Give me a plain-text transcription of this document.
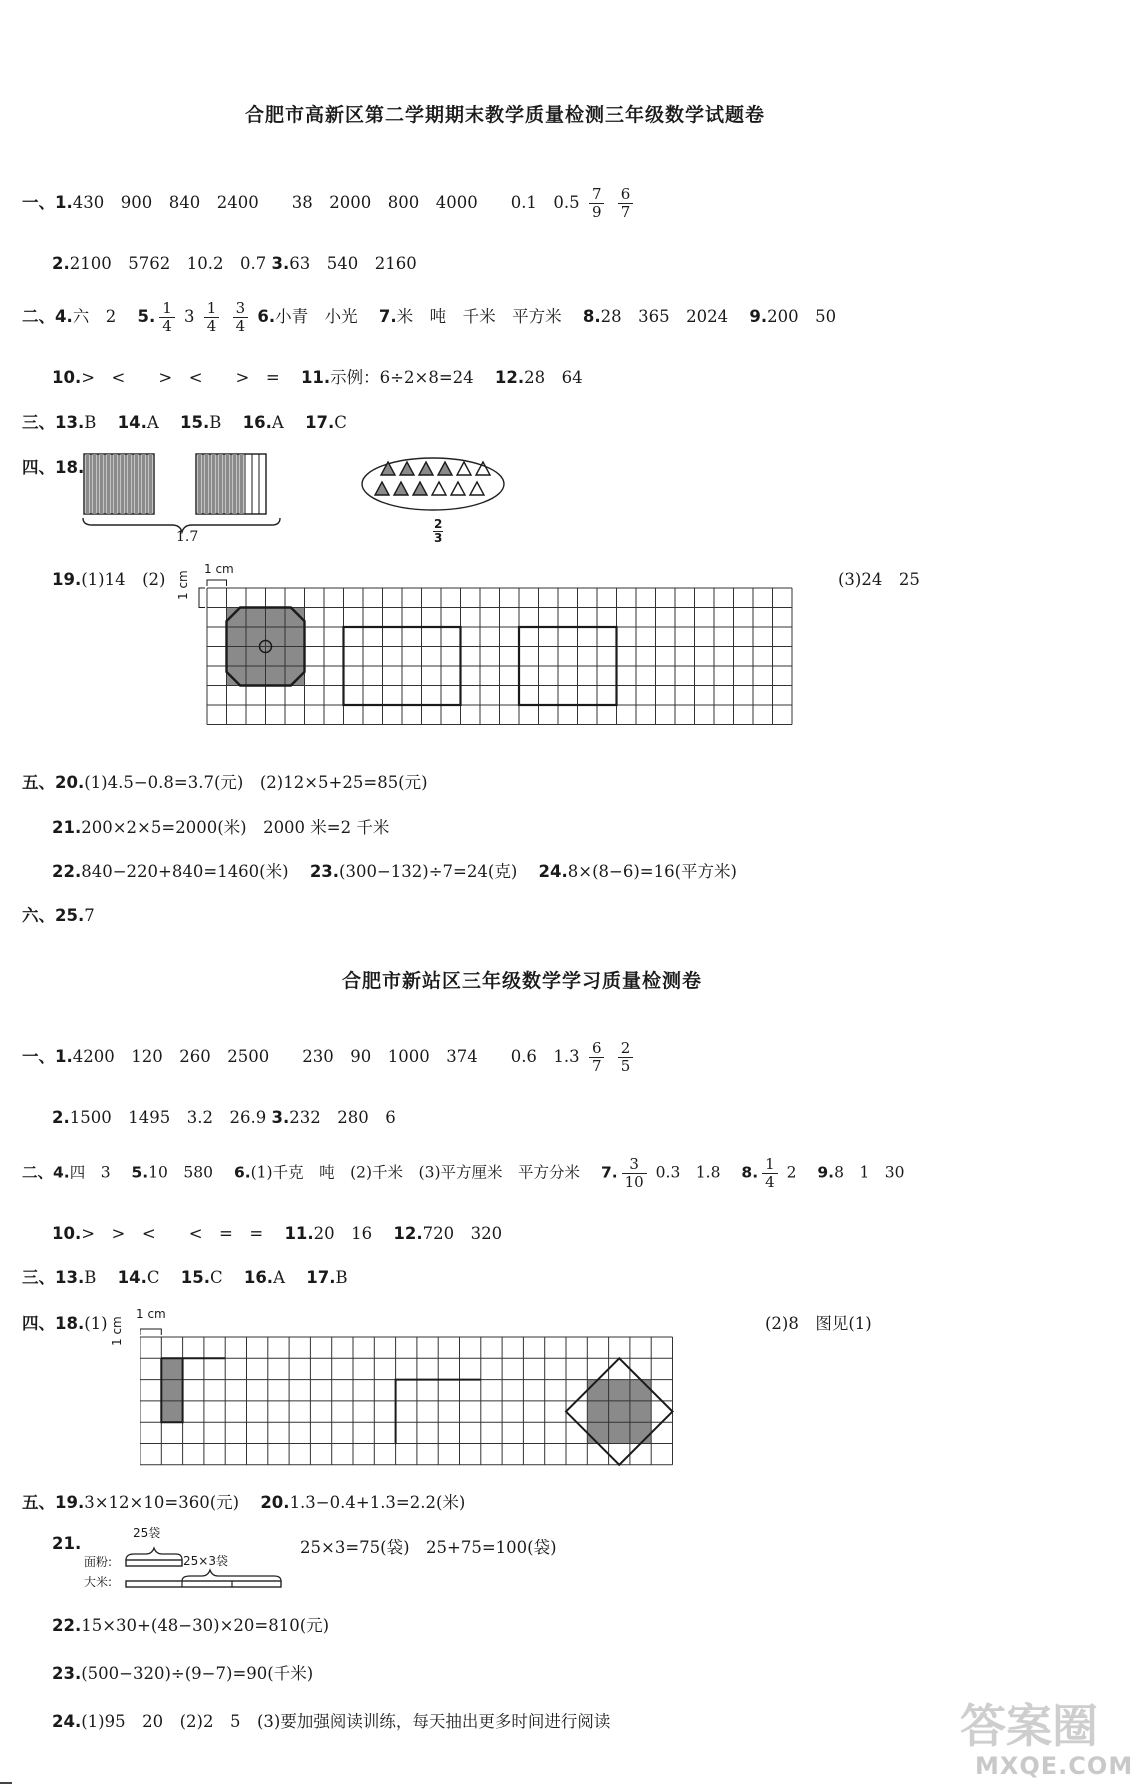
合肥市高新区第二学期期末教学质量检测三年级数学试题卷
一、1.430　900　840　2400　　38　2000　800　4000　　0.1　$0.5 \frac{7}{9}$
$\frac{6}{7}$
2.2100　5762　10.2　0.7 3.63　540　2160
二、4.六　2 5. $\frac{1}{4} 3 \frac{1}{4}$
$\frac{3}{4} 6$.小青　小光 7.米　吨　千米　平方米 8.28　365　2024 9.200　50
10.>　<　　>　<　　>　= 11.示例：6÷2×8=24 12.28　64
三、13.B 14.A 15.B 16.A 17.C
四、18.
1.7	$\frac{2}{3}$
19.(1)14　(2)	(3)24　25
1 cm
1 cm
五、20.(1)4.5−0.8=3.7(元)　(2)12×5+25=85(元)
21.200×2×5=2000(米)　2000 米=2 千米
22.840−220+840=1460(米) 23.(300−132)÷7=24(克) 24.8×(8−6)=16(平方米)
六、25.7
合肥市新站区三年级数学学习质量检测卷
一、1.4200　120　260　2500　　230　90　1000　374　　0.6　$1.3 \frac{6}{7}$
$\frac{2}{5}$
2.1500　1495　3.2　26.9 3.232　280　6
二、4.四　3 5.10　580 6.(1)千克　吨　(2)千米　(3)平方厘米　平方分米 7. $\frac{3}{10} 0.3$　1.8 8. $\frac{1}{4} 2$ 9.8　1　30
10.>　>　<　　<　=　= 11.20　16 12.720　320
三、13.B 14.C 15.C 16.A 17.B
四、18.(1)	(2)8　图见(1)
1 cm
1 cm
五、19.3×12×10=360(元) 20.1.3−0.4+1.3=2.2(米)
21.
25袋
面粉:	25×3袋
大米:
25×3=75(袋)　25+75=100(袋)
22.15×30+(48−30)×20=810(元)
23.(500−320)÷(9−7)=90(千米)
24.(1)95　20　(2)2　5　(3)要加强阅读训练，每天抽出更多时间进行阅读	答案圈
MXQE.COM
